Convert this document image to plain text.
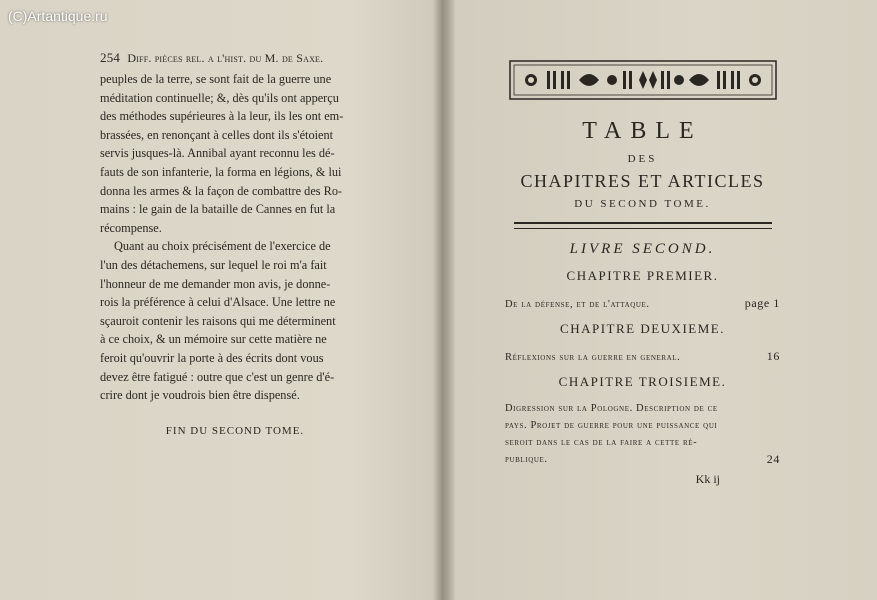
254 Diff. pièces rel. a l'hist. du M. de Saxe.

peuples de la terre, se sont fait de la guerre une
méditation continuelle; &, dès qu'ils ont apperçu
des méthodes supérieures à la leur, ils les ont em-
brassées, en renonçant à celles dont ils s'étoient
servis jusques-là. Annibal ayant reconnu les dé-
fauts de son infanterie, la forma en légions, & lui
donna les armes & la façon de combattre des Ro-
mains : le gain de la bataille de Cannes en fut la
récompense.

Quant au choix précisément de l'exercice de
l'un des détachemens, sur lequel le roi m'a fait
l'honneur de me demander mon avis, je donne-
rois la préférence à celui d'Alsace. Une lettre ne
sçauroit contenir les raisons qui me déterminent
à ce choix, & un mémoire sur cette matière ne
feroit qu'ouvrir la porte à des écrits dont vous
devez être fatigué : outre que c'est un genre d'é-
crire dont je voudrois bien être dispensé.

FIN DU SECOND TOME.
TABLE
DES
CHAPITRES ET ARTICLES
DU SECOND TOME.
LIVRE SECOND.
CHAPITRE PREMIER.
De la défense, et de l'attaque.	page 1
CHAPITRE DEUXIEME.
Réflexions sur la guerre en general.	16
CHAPITRE TROISIEME.
Digression sur la Pologne. Description de ce
pays. Projet de guerre pour une puissance qui
seroit dans le cas de la faire a cette ré-
publique.	24
Kk ij
(C)Artantique.ru
